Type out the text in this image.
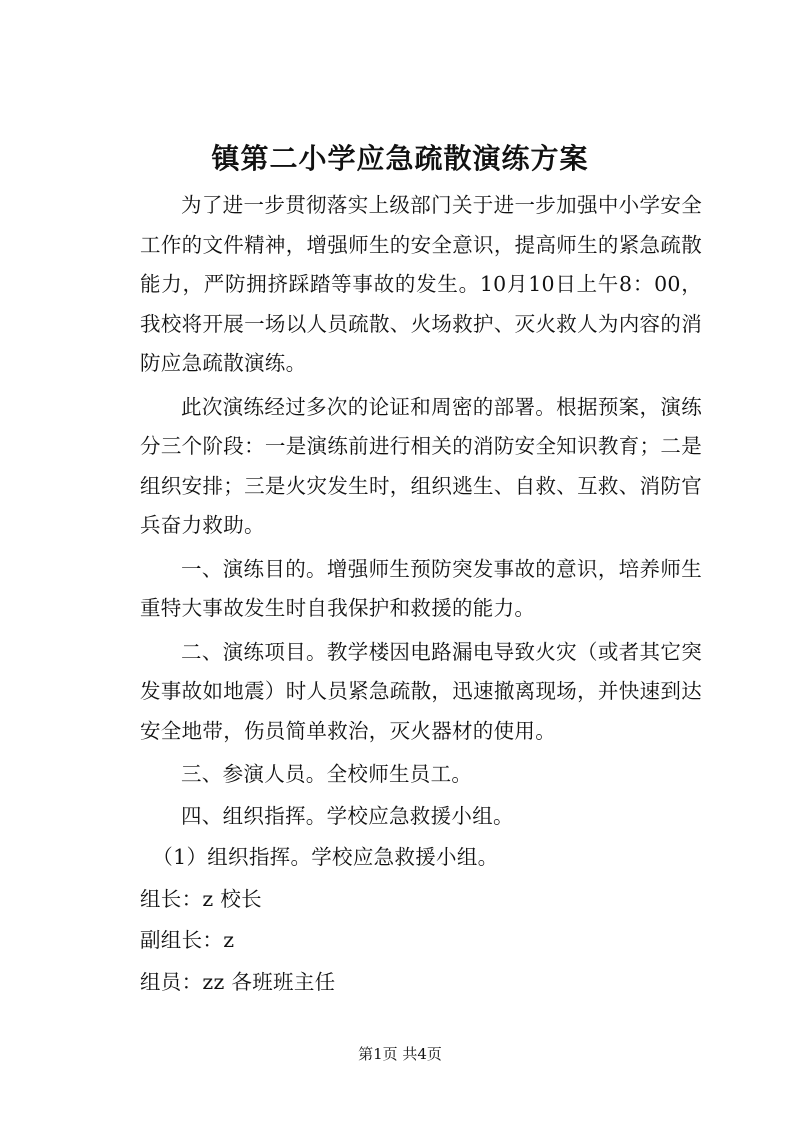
镇第二小学应急疏散演练方案

为了进一步贯彻落实上级部门关于进一步加强中小学安全工作的文件精神，增强师生的安全意识，提高师生的紧急疏散能力，严防拥挤踩踏等事故的发生。10月10日上午8：00，我校将开展一场以人员疏散、火场救护、灭火救人为内容的消防应急疏散演练。

此次演练经过多次的论证和周密的部署。根据预案，演练分三个阶段：一是演练前进行相关的消防安全知识教育；二是组织安排；三是火灾发生时，组织逃生、自救、互救、消防官兵奋力救助。

一、演练目的。增强师生预防突发事故的意识，培养师生重特大事故发生时自我保护和救援的能力。

二、演练项目。教学楼因电路漏电导致火灾（或者其它突发事故如地震）时人员紧急疏散，迅速撤离现场，并快速到达安全地带，伤员简单救治，灭火器材的使用。

三、参演人员。全校师生员工。
四、组织指挥。学校应急救援小组。
（1）组织指挥。学校应急救援小组。
组长：z 校长
副组长：z
组员：zz 各班班主任
第1页 共4页
